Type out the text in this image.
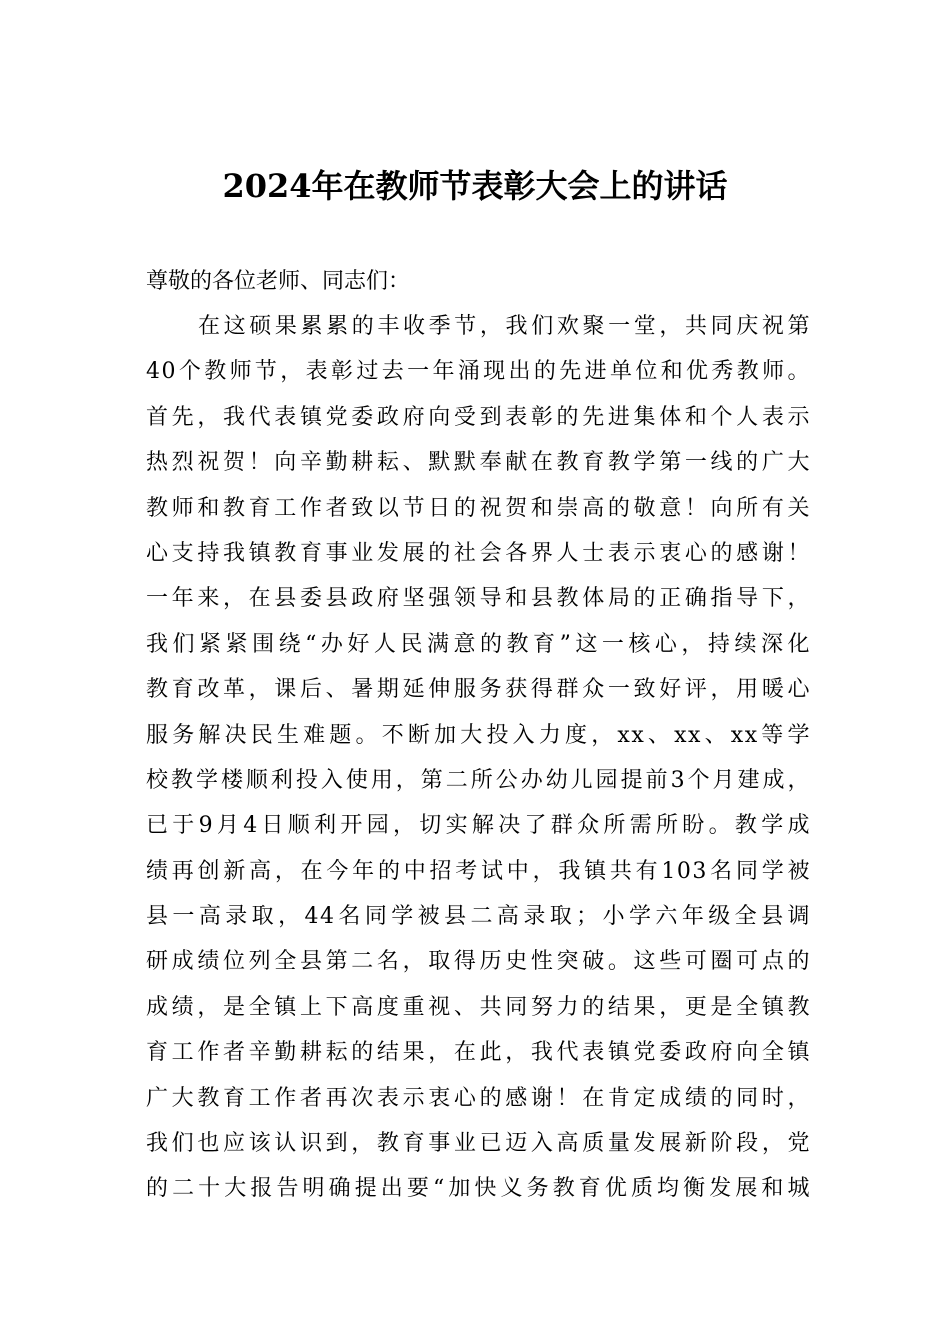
2024年在教师节表彰大会上的讲话

尊敬的各位老师、同志们：

在这硕果累累的丰收季节，我们欢聚一堂，共同庆祝第
40个教师节，表彰过去一年涌现出的先进单位和优秀教师。
首先，我代表镇党委政府向受到表彰的先进集体和个人表示
热烈祝贺！向辛勤耕耘、默默奉献在教育教学第一线的广大
教师和教育工作者致以节日的祝贺和崇高的敬意！向所有关
心支持我镇教育事业发展的社会各界人士表示衷心的感谢！
一年来，在县委县政府坚强领导和县教体局的正确指导下，
我们紧紧围绕“办好人民满意的教育”这一核心，持续深化
教育改革，课后、暑期延伸服务获得群众一致好评，用暖心
服务解决民生难题。不断加大投入力度，xx、xx、xx等学
校教学楼顺利投入使用，第二所公办幼儿园提前3个月建成，
已于9月4日顺利开园，切实解决了群众所需所盼。教学成
绩再创新高，在今年的中招考试中，我镇共有103名同学被
县一高录取，44名同学被县二高录取；小学六年级全县调
研成绩位列全县第二名，取得历史性突破。这些可圈可点的
成绩，是全镇上下高度重视、共同努力的结果，更是全镇教
育工作者辛勤耕耘的结果，在此，我代表镇党委政府向全镇
广大教育工作者再次表示衷心的感谢！在肯定成绩的同时，
我们也应该认识到，教育事业已迈入高质量发展新阶段，党
的二十大报告明确提出要“加快义务教育优质均衡发展和城
